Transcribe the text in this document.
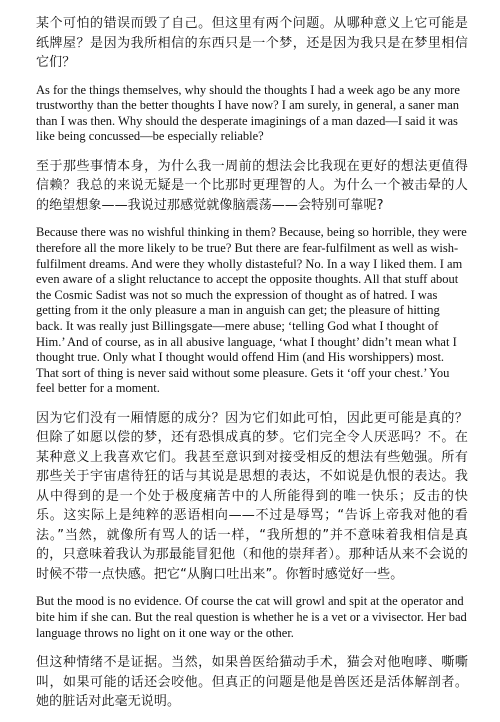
某个可怕的错误而毁了自己。但这里有两个问题。从哪种意义上它可能是纸牌屋？是因为我所相信的东西只是一个梦，还是因为我只是在梦里相信它们？

As for the things themselves, why should the thoughts I had a week ago be any more trustworthy than the better thoughts I have now? I am surely, in general, a saner man than I was then. Why should the desperate imaginings of a man dazed—I said it was like being concussed—be especially reliable?

至于那些事情本身，为什么我一周前的想法会比我现在更好的想法更值得信赖？我总的来说无疑是一个比那时更理智的人。为什么一个被击晕的人的绝望想象——我说过那感觉就像脑震荡——会特别可靠呢?

Because there was no wishful thinking in them? Because, being so horrible, they were therefore all the more likely to be true? But there are fear-fulfilment as well as wish-fulfilment dreams. And were they wholly distasteful? No. In a way I liked them. I am even aware of a slight reluctance to accept the opposite thoughts. All that stuff about the Cosmic Sadist was not so much the expression of thought as of hatred. I was getting from it the only pleasure a man in anguish can get; the pleasure of hitting back. It was really just Billingsgate—mere abuse; ‘telling God what I thought of Him.’ And of course, as in all abusive language, ‘what I thought’ didn’t mean what I thought true. Only what I thought would offend Him (and His worshippers) most. That sort of thing is never said without some pleasure. Gets it ‘off your chest.’ You feel better for a moment.

因为它们没有一厢情愿的成分？因为它们如此可怕，因此更可能是真的？但除了如愿以偿的梦，还有恐惧成真的梦。它们完全令人厌恶吗？不。在某种意义上我喜欢它们。我甚至意识到对接受相反的想法有些勉强。所有那些关于宇宙虐待狂的话与其说是思想的表达，不如说是仇恨的表达。我从中得到的是一个处于极度痛苦中的人所能得到的唯一快乐；反击的快乐。这实际上是纯粹的恶语相向——不过是辱骂；“告诉上帝我对他的看法。”当然，就像所有骂人的话一样，“我所想的”并不意味着我相信是真的，只意味着我认为那最能冒犯他（和他的崇拜者）。那种话从来不会说的时候不带一点快感。把它“从胸口吐出来”。你暂时感觉好一些。

But the mood is no evidence. Of course the cat will growl and spit at the operator and bite him if she can. But the real question is whether he is a vet or a vivisector. Her bad language throws no light on it one way or the other.

但这种情绪不是证据。当然，如果兽医给猫动手术，猫会对他咆哮、嘶嘶叫，如果可能的话还会咬他。但真正的问题是他是兽医还是活体解剖者。她的脏话对此毫无说明。
